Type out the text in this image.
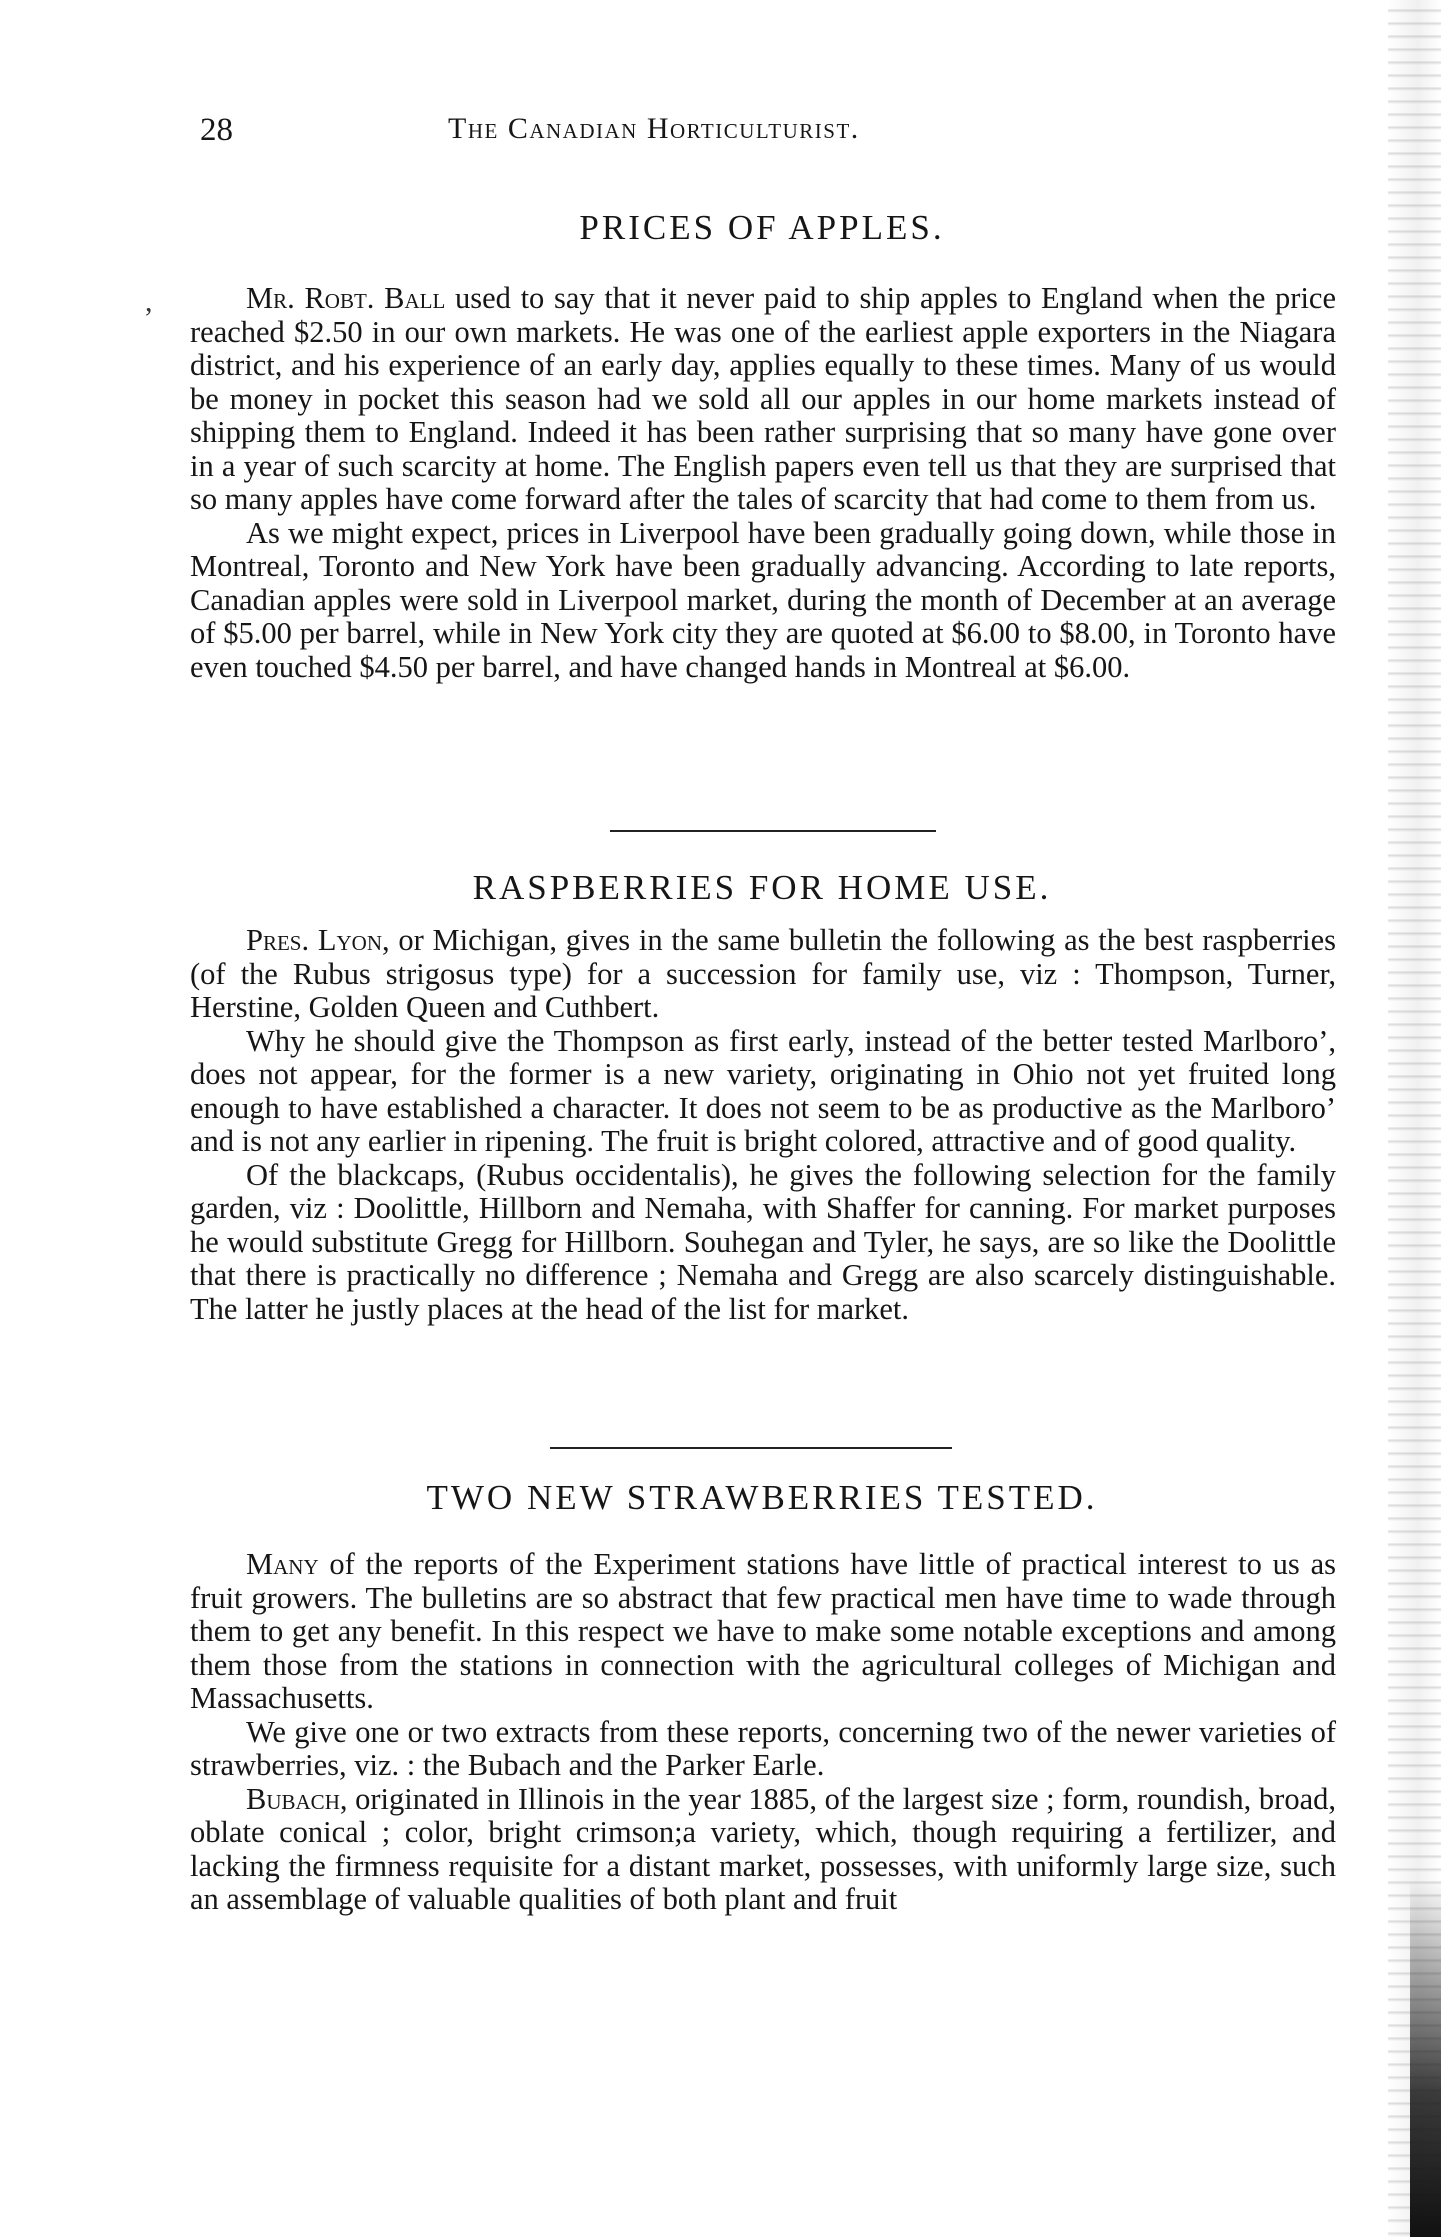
28	The Canadian Horticulturist.
,
PRICES OF APPLES.

Mr. Robt. Ball used to say that it never paid to ship apples to England when the price reached $2.50 in our own markets. He was one of the earliest apple exporters in the Niagara district, and his experience of an early day, applies equally to these times. Many of us would be money in pocket this season had we sold all our apples in our home markets instead of shipping them to England. Indeed it has been rather surprising that so many have gone over in a year of such scarcity at home. The English papers even tell us that they are surprised that so many apples have come forward after the tales of scarcity that had come to them from us.

As we might expect, prices in Liverpool have been gradually going down, while those in Montreal, Toronto and New York have been gradually advancing. According to late reports, Canadian apples were sold in Liverpool market, during the month of December at an average of $5.00 per barrel, while in New York city they are quoted at $6.00 to $8.00, in Toronto have even touched $4.50 per barrel, and have changed hands in Montreal at $6.00.

RASPBERRIES FOR HOME USE.

Pres. Lyon, or Michigan, gives in the same bulletin the following as the best raspberries (of the Rubus strigosus type) for a succession for family use, viz : Thompson, Turner, Herstine, Golden Queen and Cuthbert.

Why he should give the Thompson as first early, instead of the better tested Marlboro’, does not appear, for the former is a new variety, originating in Ohio not yet fruited long enough to have established a character. It does not seem to be as productive as the Marlboro’ and is not any earlier in ripening. The fruit is bright colored, attractive and of good quality.

Of the blackcaps, (Rubus occidentalis), he gives the following selection for the family garden, viz : Doolittle, Hillborn and Nemaha, with Shaffer for canning. For market purposes he would substitute Gregg for Hillborn. Souhegan and Tyler, he says, are so like the Doolittle that there is practically no difference ; Nemaha and Gregg are also scarcely distinguishable. The latter he justly places at the head of the list for market.

TWO NEW STRAWBERRIES TESTED.

Many of the reports of the Experiment stations have little of practical interest to us as fruit growers. The bulletins are so abstract that few practical men have time to wade through them to get any benefit. In this respect we have to make some notable exceptions and among them those from the stations in connection with the agricultural colleges of Michigan and Massachusetts.

We give one or two extracts from these reports, concerning two of the newer varieties of strawberries, viz. : the Bubach and the Parker Earle.

Bubach, originated in Illinois in the year 1885, of the largest size ; form, roundish, broad, oblate conical ; color, bright crimson;a variety, which, though requiring a fertilizer, and lacking the firmness requisite for a distant market, possesses, with uniformly large size, such an assemblage of valuable qualities of both plant and fruit
